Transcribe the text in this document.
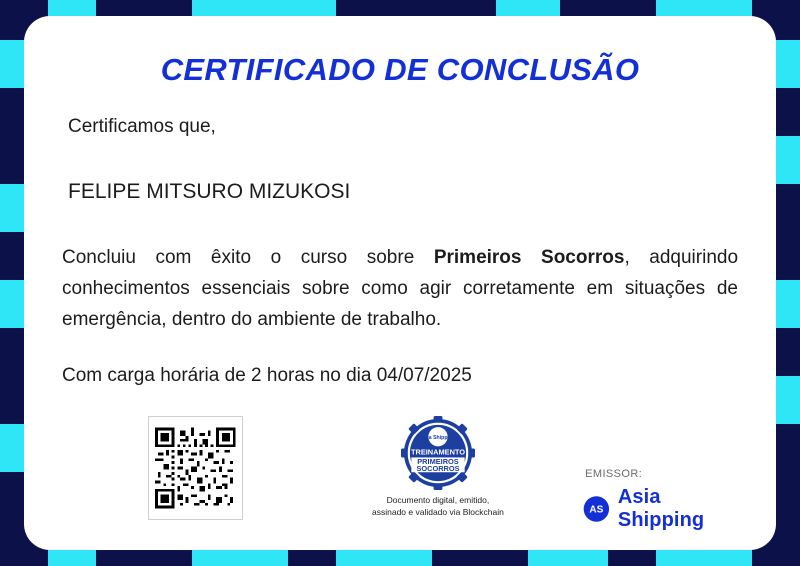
CERTIFICADO DE CONCLUSÃO
Certificamos que,
FELIPE MITSURO MIZUKOSI
Concluiu com êxito o curso sobre Primeiros Socorros, adquirindo conhecimentos essenciais sobre como agir corretamente em situações de emergência, dentro do ambiente de trabalho.
Com carga horária de 2 horas no dia 04/07/2025
Asia Shipping
TREINAMENTO
PRIMEIROS
SOCORROS
Documento digital, emitido,
assinado e validado via Blockchain
EMISSOR:
AS
Asia Shipping
